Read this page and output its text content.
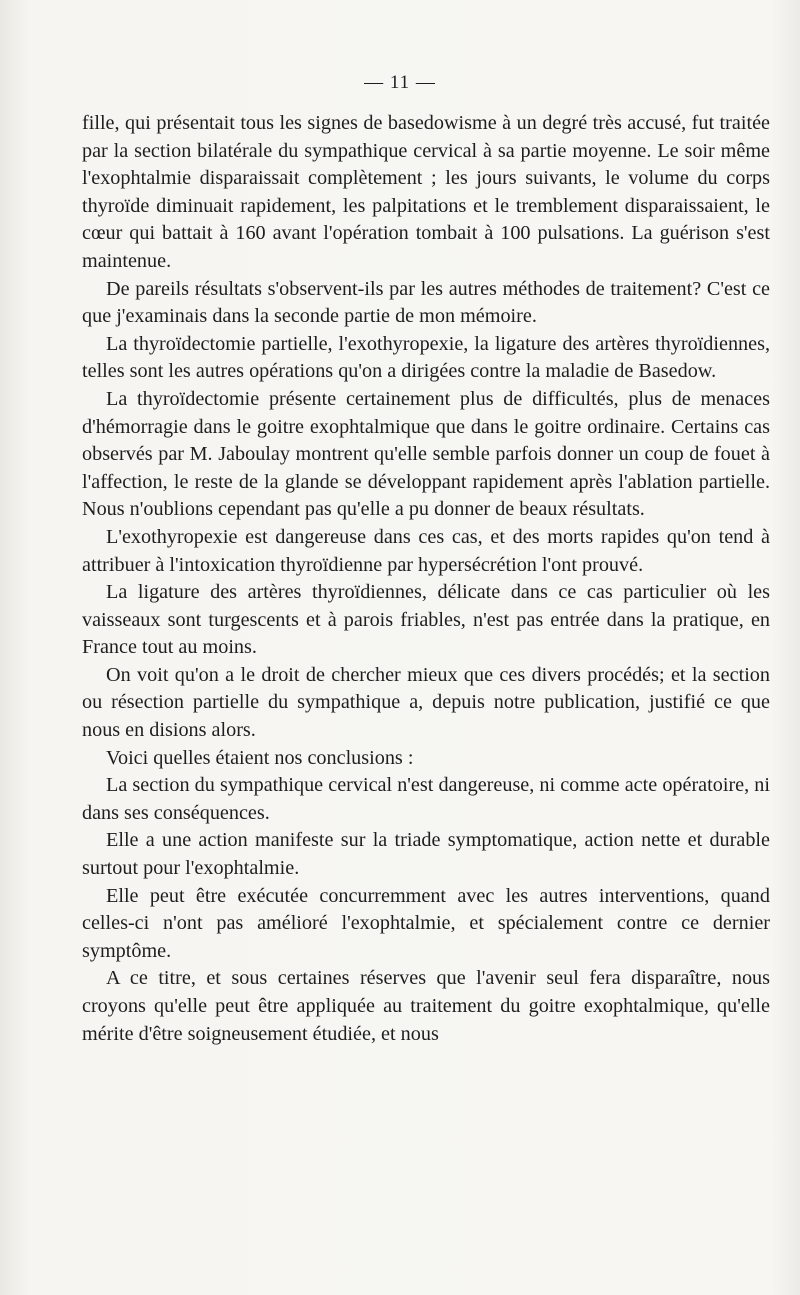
— 11 —

fille, qui présentait tous les signes de basedowisme à un degré très accusé, fut traitée par la section bilatérale du sympathique cervical à sa partie moyenne. Le soir même l'exophtalmie disparaissait complètement ; les jours suivants, le volume du corps thyroïde diminuait rapidement, les palpitations et le tremblement disparaissaient, le cœur qui battait à 160 avant l'opération tombait à 100 pulsations. La guérison s'est maintenue.

De pareils résultats s'observent-ils par les autres méthodes de traitement? C'est ce que j'examinais dans la seconde partie de mon mémoire.

La thyroïdectomie partielle, l'exothyropexie, la ligature des artères thyroïdiennes, telles sont les autres opérations qu'on a dirigées contre la maladie de Basedow.

La thyroïdectomie présente certainement plus de difficultés, plus de menaces d'hémorragie dans le goitre exophtalmique que dans le goitre ordinaire. Certains cas observés par M. Jaboulay montrent qu'elle semble parfois donner un coup de fouet à l'affection, le reste de la glande se développant rapidement après l'ablation partielle. Nous n'oublions cependant pas qu'elle a pu donner de beaux résultats.

L'exothyropexie est dangereuse dans ces cas, et des morts rapides qu'on tend à attribuer à l'intoxication thyroïdienne par hypersécrétion l'ont prouvé.

La ligature des artères thyroïdiennes, délicate dans ce cas particulier où les vaisseaux sont turgescents et à parois friables, n'est pas entrée dans la pratique, en France tout au moins.

On voit qu'on a le droit de chercher mieux que ces divers procédés; et la section ou résection partielle du sympathique a, depuis notre publication, justifié ce que nous en disions alors.

Voici quelles étaient nos conclusions :

La section du sympathique cervical n'est dangereuse, ni comme acte opératoire, ni dans ses conséquences.

Elle a une action manifeste sur la triade symptomatique, action nette et durable surtout pour l'exophtalmie.

Elle peut être exécutée concurremment avec les autres interventions, quand celles-ci n'ont pas amélioré l'exophtalmie, et spécialement contre ce dernier symptôme.

A ce titre, et sous certaines réserves que l'avenir seul fera disparaître, nous croyons qu'elle peut être appliquée au traitement du goitre exophtalmique, qu'elle mérite d'être soigneusement étudiée, et nous
